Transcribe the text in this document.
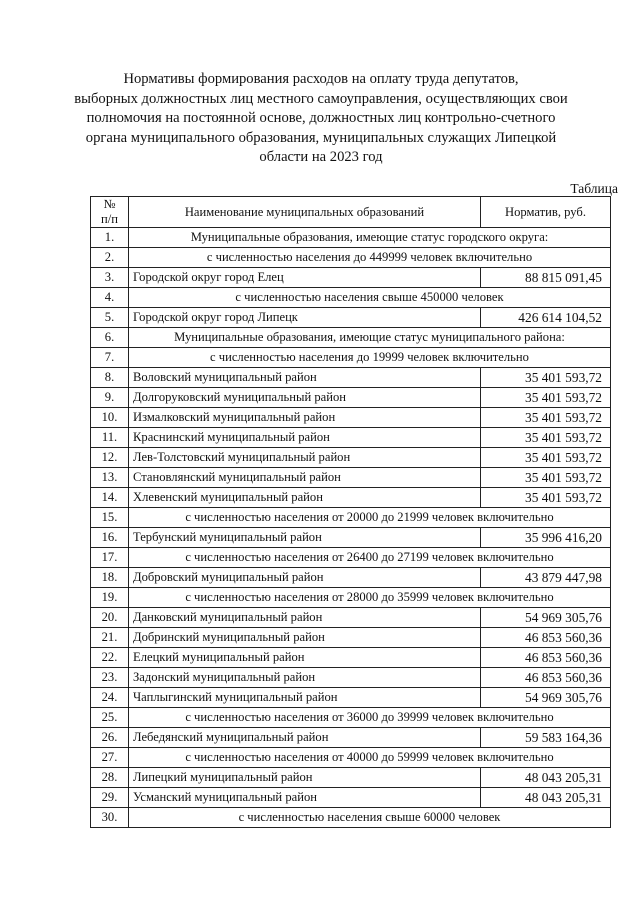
Нормативы формирования расходов на оплату труда депутатов,
выборных должностных лиц местного самоуправления, осуществляющих свои
полномочия на постоянной основе, должностных лиц контрольно-счетного
органа муниципального образования, муниципальных служащих Липецкой
области на 2023 год
Таблица
№
п/п	Наименование муниципальных образований	Норматив, руб.
1.	Муниципальные образования, имеющие статус городского округа:	
2.	с численностью населения до 449999 человек включительно	
3.	Городской округ город Елец	88 815 091,45
4.	с численностью населения свыше 450000 человек	
5.	Городской округ город Липецк	426 614 104,52
6.	Муниципальные образования, имеющие статус муниципального района:	
7.	с численностью населения до 19999 человек включительно	
8.	Воловский муниципальный район	35 401 593,72
9.	Долгоруковский муниципальный район	35 401 593,72
10.	Измалковский муниципальный район	35 401 593,72
11.	Краснинский муниципальный район	35 401 593,72
12.	Лев-Толстовский муниципальный район	35 401 593,72
13.	Становлянский муниципальный район	35 401 593,72
14.	Хлевенский муниципальный район	35 401 593,72
15.	с численностью населения от 20000 до 21999 человек включительно	
16.	Тербунский муниципальный район	35 996 416,20
17.	с численностью населения от 26400 до 27199 человек включительно	
18.	Добровский муниципальный район	43 879 447,98
19.	с численностью населения от 28000 до 35999 человек включительно	
20.	Данковский муниципальный район	54 969 305,76
21.	Добринский муниципальный район	46 853 560,36
22.	Елецкий муниципальный район	46 853 560,36
23.	Задонский муниципальный район	46 853 560,36
24.	Чаплыгинский муниципальный район	54 969 305,76
25.	с численностью населения от 36000 до 39999 человек включительно	
26.	Лебедянский муниципальный район	59 583 164,36
27.	с численностью населения от 40000 до 59999 человек включительно	
28.	Липецкий муниципальный район	48 043 205,31
29.	Усманский муниципальный район	48 043 205,31
30.	с численностью населения свыше 60000 человек	
